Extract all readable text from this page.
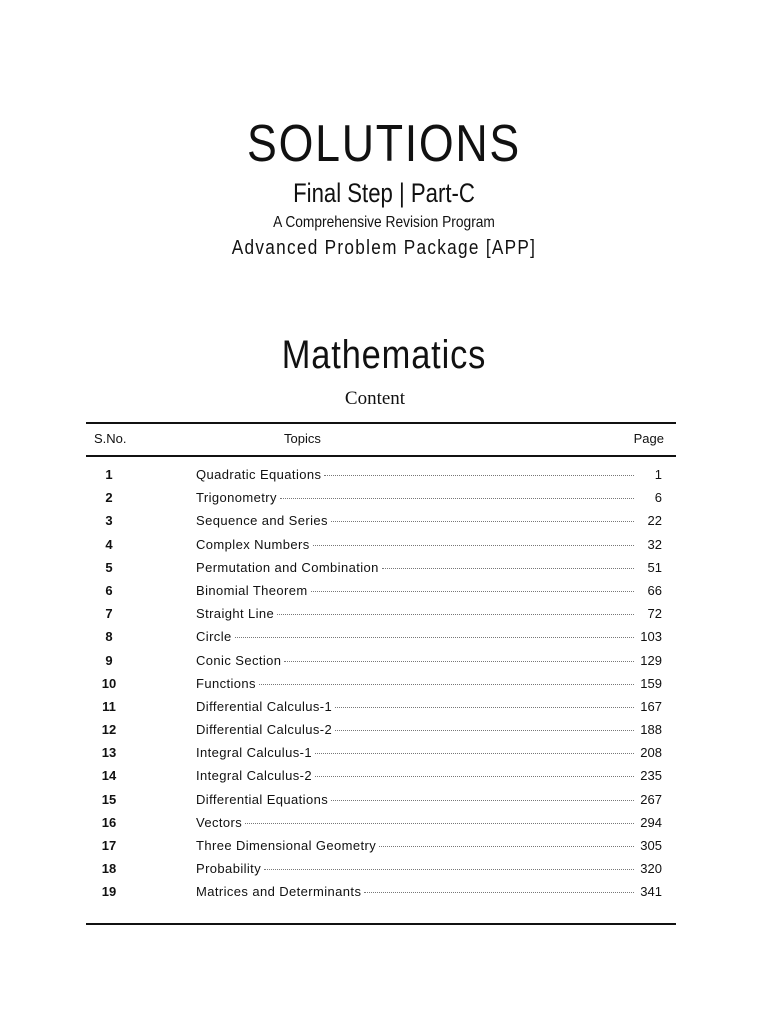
SOLUTIONS
Final Step | Part-C
A Comprehensive Revision Program
Advanced Problem Package [APP]
Mathematics
Content
S.No.	Topics	Page
1	Quadratic Equations	1
2	Trigonometry	6
3	Sequence and Series	22
4	Complex Numbers	32
5	Permutation and Combination	51
6	Binomial Theorem	66
7	Straight Line	72
8	Circle	103
9	Conic Section	129
10	Functions	159
11	Differential Calculus-1	167
12	Differential Calculus-2	188
13	Integral Calculus-1	208
14	Integral Calculus-2	235
15	Differential Equations	267
16	Vectors	294
17	Three Dimensional Geometry	305
18	Probability	320
19	Matrices and Determinants	341
